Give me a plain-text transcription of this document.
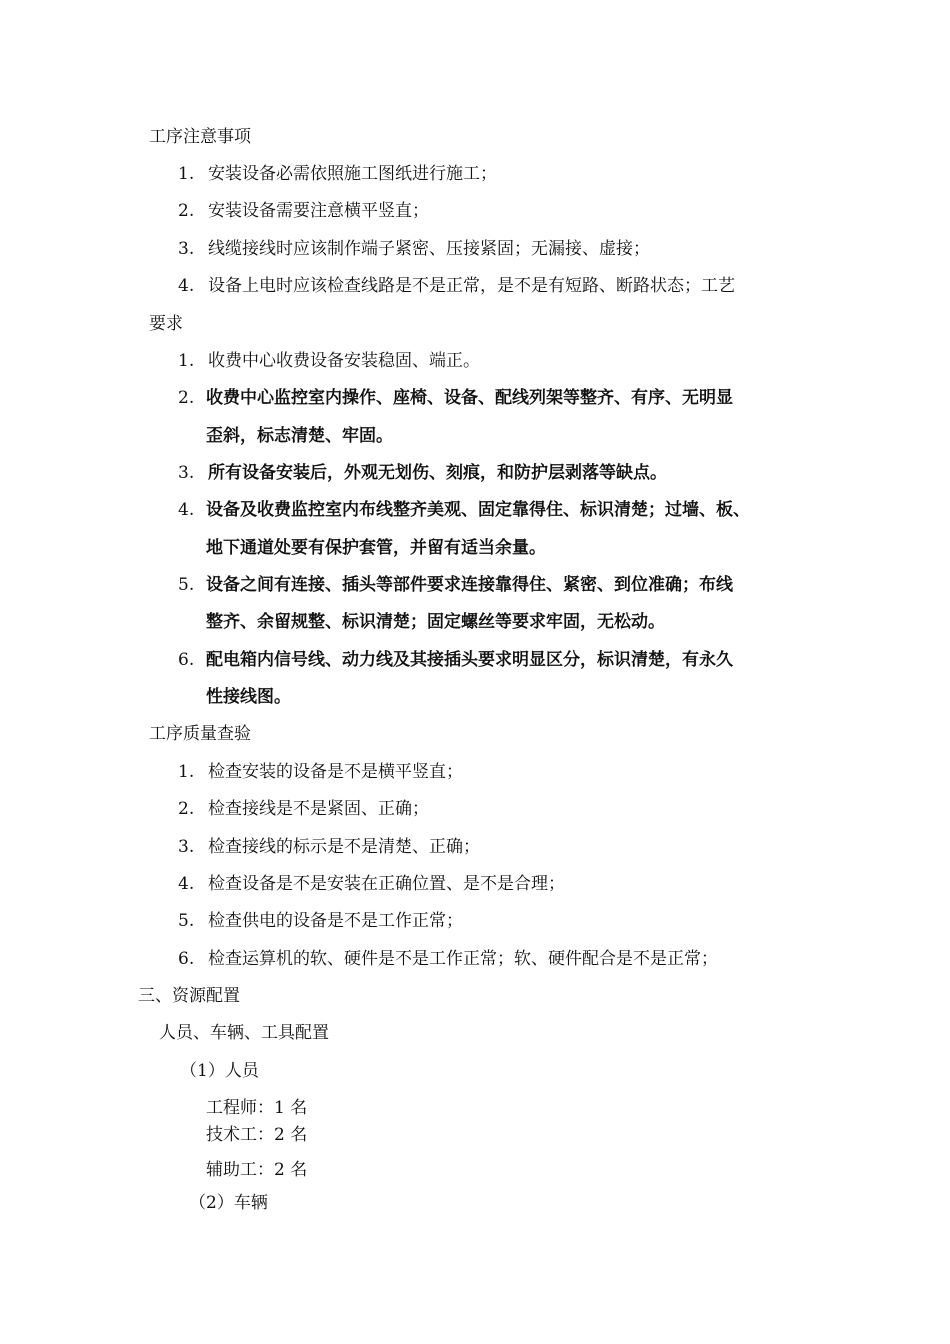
工序注意事项
1. 安装设备必需依照施工图纸进行施工；
2. 安装设备需要注意横平竖直；
3. 线缆接线时应该制作端子紧密、压接紧固；无漏接、虚接；
4. 设备上电时应该检查线路是不是正常，是不是有短路、断路状态；工艺
要求
1. 收费中心收费设备安装稳固、端正。
2. 收费中心监控室内操作、座椅、设备、配线列架等整齐、有序、无明显
歪斜，标志清楚、牢固。
3. 所有设备安装后，外观无划伤、刻痕，和防护层剥落等缺点。
4. 设备及收费监控室内布线整齐美观、固定靠得住、标识清楚；过墙、板、
地下通道处要有保护套管，并留有适当余量。
5. 设备之间有连接、插头等部件要求连接靠得住、紧密、到位准确；布线
整齐、余留规整、标识清楚；固定螺丝等要求牢固，无松动。
6. 配电箱内信号线、动力线及其接插头要求明显区分，标识清楚，有永久
性接线图。
工序质量查验
1. 检查安装的设备是不是横平竖直；
2. 检查接线是不是紧固、正确；
3. 检查接线的标示是不是清楚、正确；
4. 检查设备是不是安装在正确位置、是不是合理；
5. 检查供电的设备是不是工作正常；
6. 检查运算机的软、硬件是不是工作正常；软、硬件配合是不是正常；
三、资源配置
人员、车辆、工具配置
（1）人员
工程师：1 名
技术工：2 名
辅助工：2 名
（2）车辆
